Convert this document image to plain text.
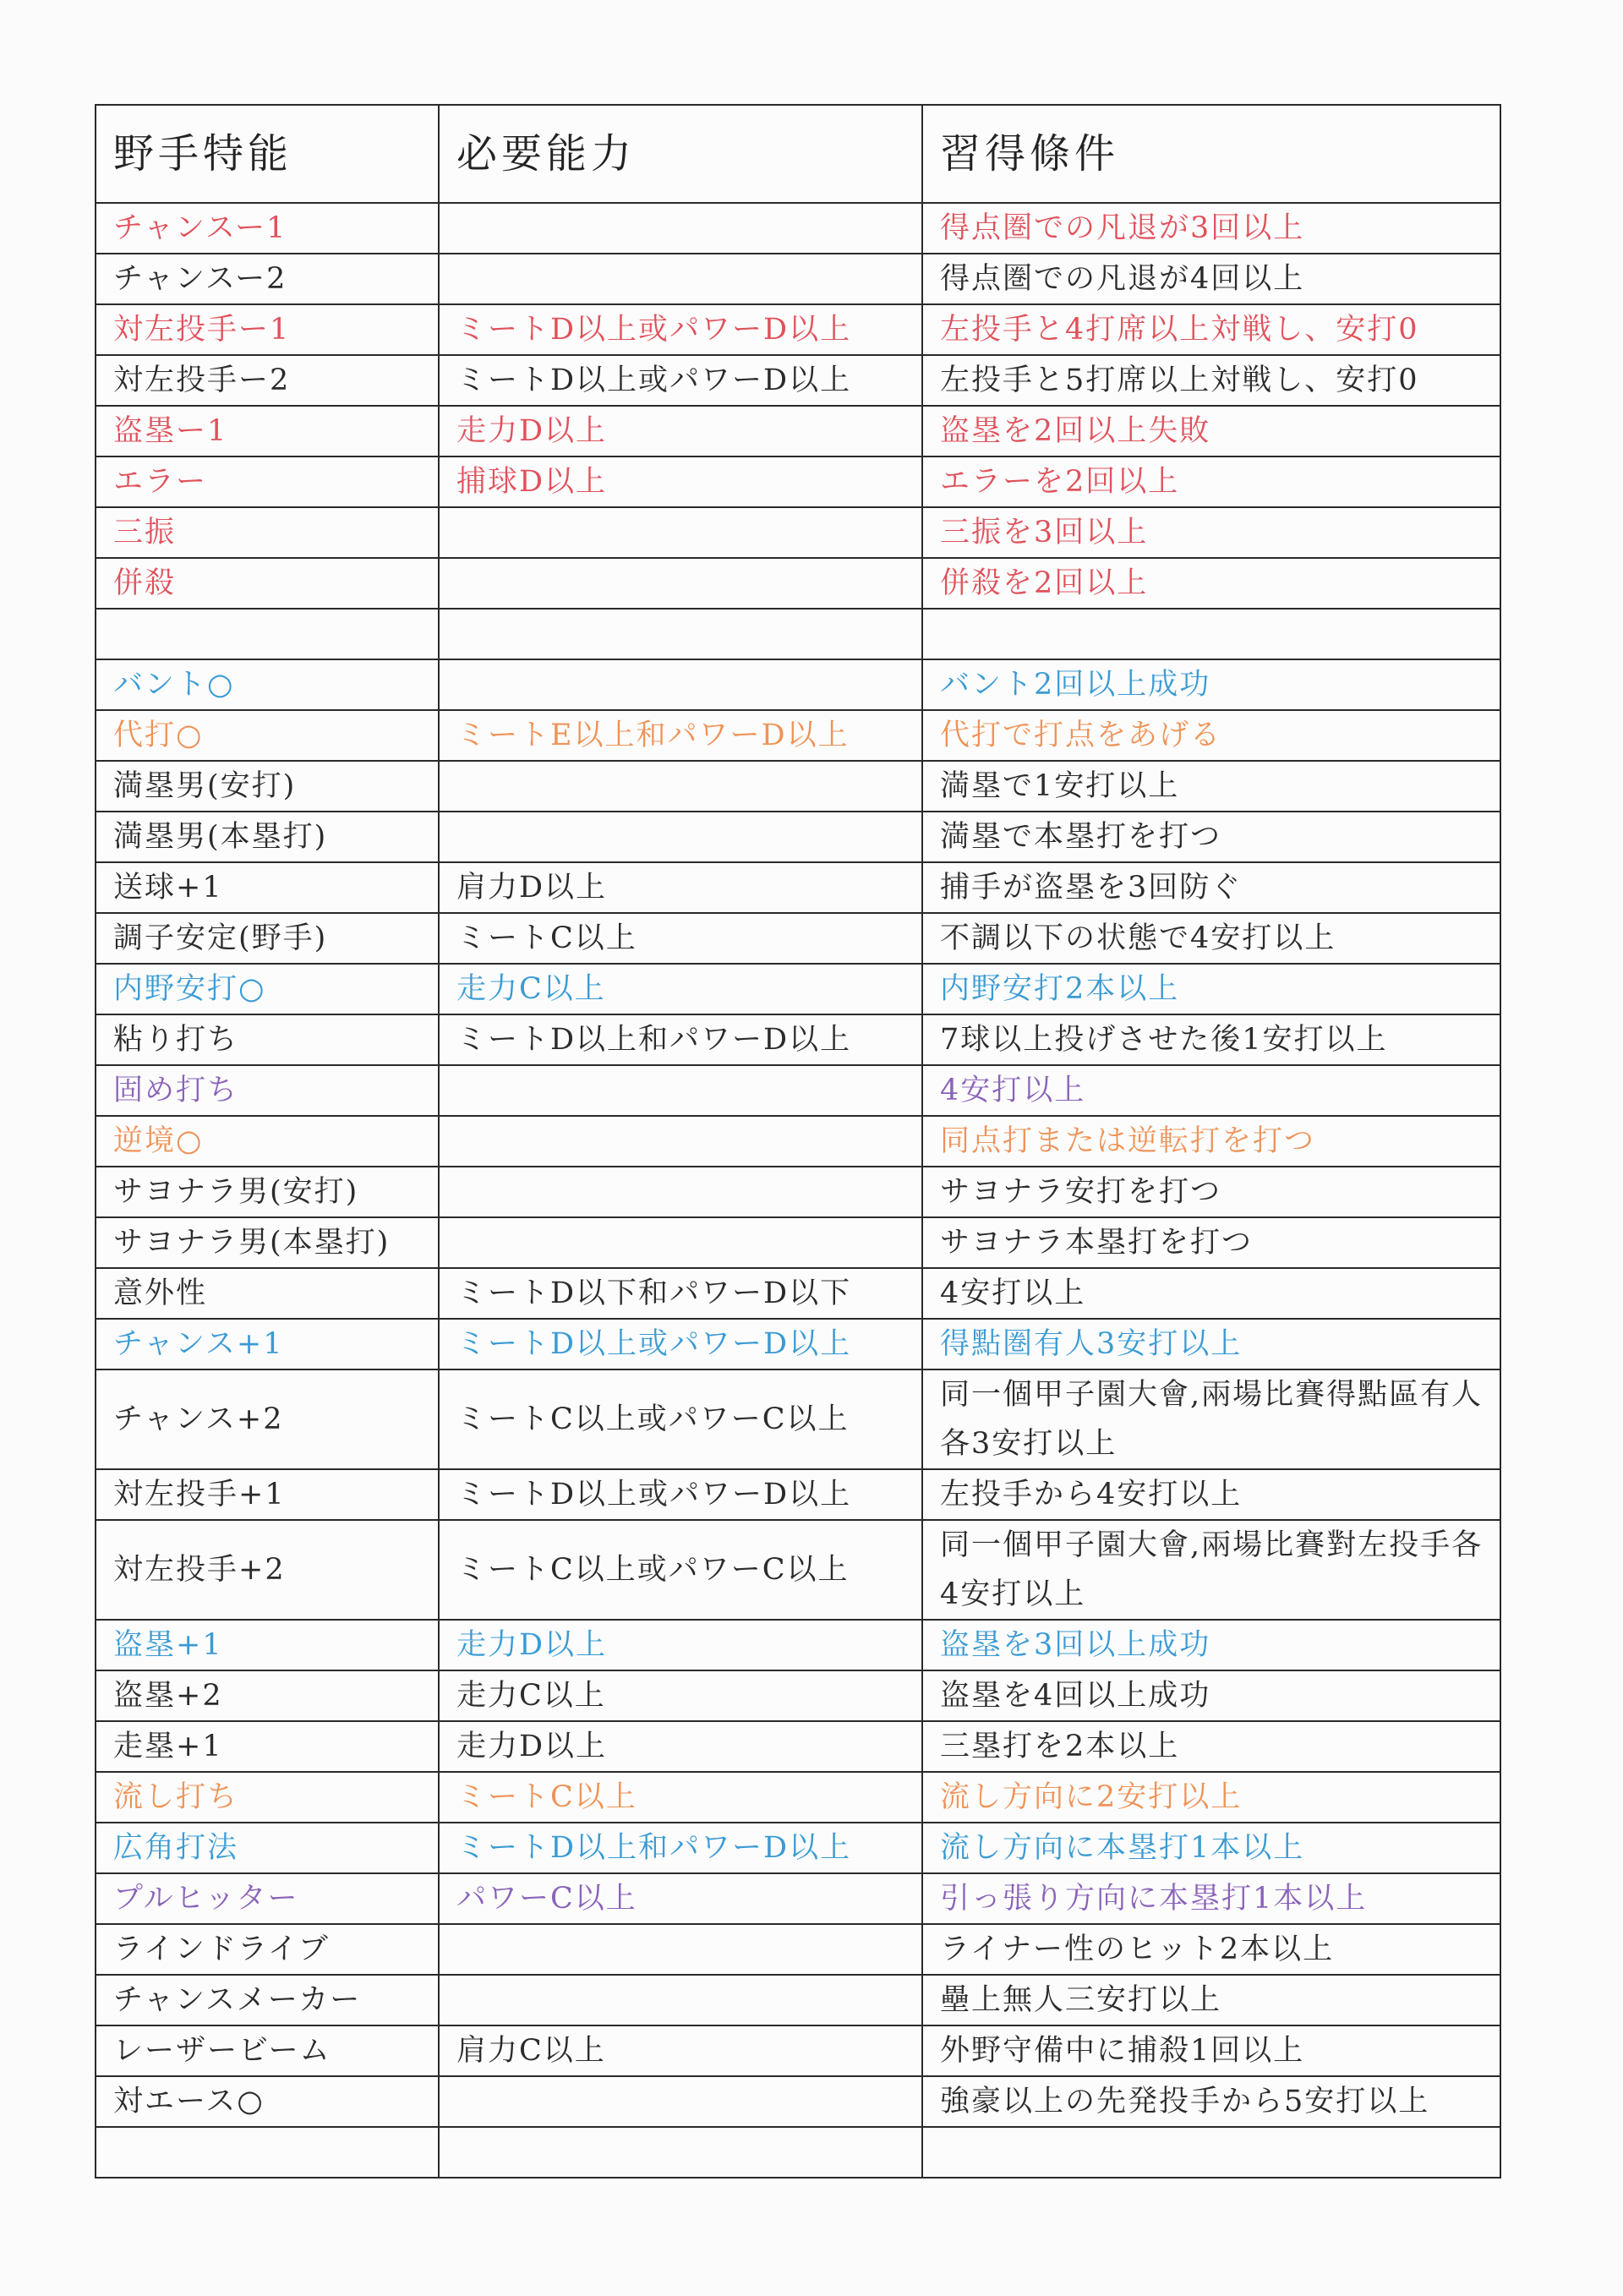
野手特能	必要能力	習得條件
チャンスー1		得点圏での凡退が3回以上
チャンスー2		得点圏での凡退が4回以上
対左投手ー1	ミートD以上或パワーD以上	左投手と4打席以上対戦し、安打0
対左投手ー2	ミートD以上或パワーD以上	左投手と5打席以上対戦し、安打0
盗塁ー1	走力D以上	盗塁を2回以上失敗
エラー	捕球D以上	エラーを2回以上
三振		三振を3回以上
併殺		併殺を2回以上

バント○		バント2回以上成功
代打○	ミートE以上和パワーD以上	代打で打点をあげる
満塁男(安打)		満塁で1安打以上
満塁男(本塁打)		満塁で本塁打を打つ
送球+1	肩力D以上	捕手が盗塁を3回防ぐ
調子安定(野手)	ミートC以上	不調以下の状態で4安打以上
内野安打○	走力C以上	内野安打2本以上
粘り打ち	ミートD以上和パワーD以上	7球以上投げさせた後1安打以上
固め打ち		4安打以上
逆境○		同点打または逆転打を打つ
サヨナラ男(安打)		サヨナラ安打を打つ
サヨナラ男(本塁打)		サヨナラ本塁打を打つ
意外性	ミートD以下和パワーD以下	4安打以上
チャンス+1	ミートD以上或パワーD以上	得點圏有人3安打以上
チャンス+2	ミートC以上或パワーC以上	同一個甲子園大會,兩場比賽得點區有人各3安打以上
対左投手+1	ミートD以上或パワーD以上	左投手から4安打以上
対左投手+2	ミートC以上或パワーC以上	同一個甲子園大會,兩場比賽對左投手各4安打以上
盗塁+1	走力D以上	盗塁を3回以上成功
盗塁+2	走力C以上	盗塁を4回以上成功
走塁+1	走力D以上	三塁打を2本以上
流し打ち	ミートC以上	流し方向に2安打以上
広角打法	ミートD以上和パワーD以上	流し方向に本塁打1本以上
プルヒッター	パワーC以上	引っ張り方向に本塁打1本以上
ラインドライブ		ライナー性のヒット2本以上
チャンスメーカー		壘上無人三安打以上
レーザービーム	肩力C以上	外野守備中に捕殺1回以上
対エース○		強豪以上の先発投手から5安打以上
